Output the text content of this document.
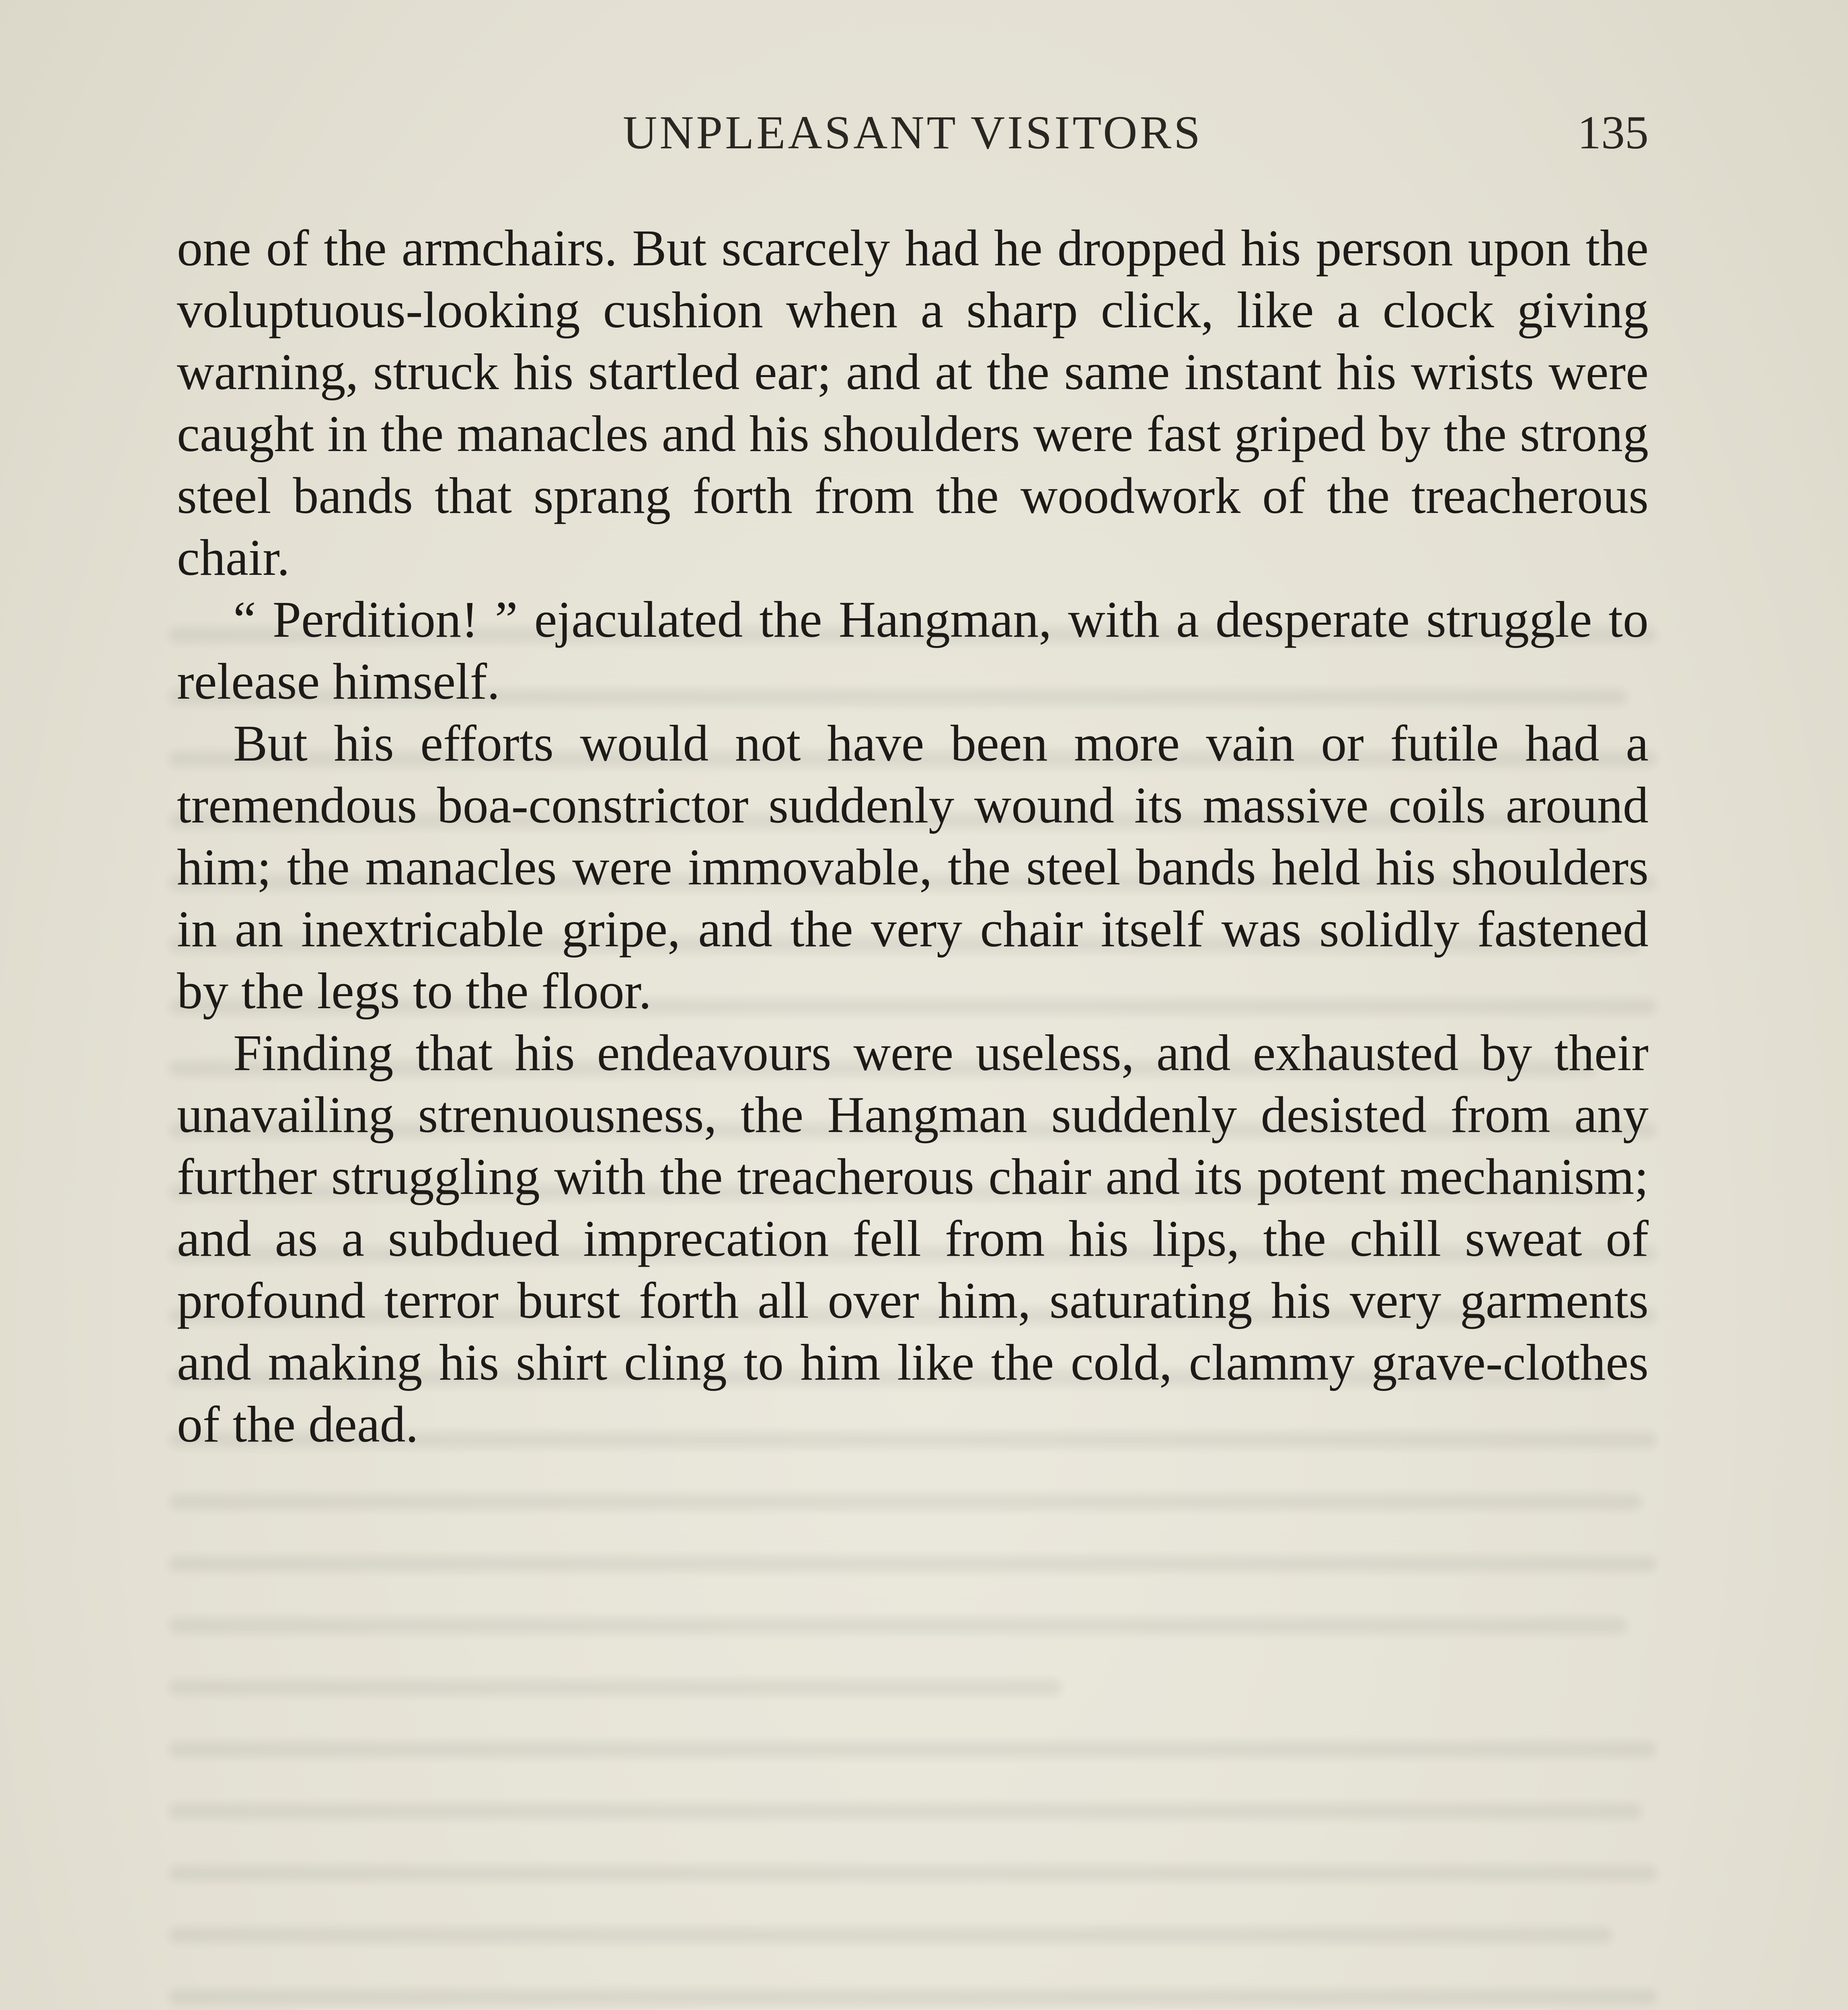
UNPLEASANT VISITORS	135

one of the armchairs. But scarcely had he dropped his person upon the voluptuous-looking cushion when a sharp click, like a clock giving warning, struck his startled ear; and at the same instant his wrists were caught in the manacles and his shoulders were fast griped by the strong steel bands that sprang forth from the woodwork of the treacherous chair.

“ Perdition! ” ejaculated the Hangman, with a desperate struggle to release himself.

But his efforts would not have been more vain or futile had a tremendous boa-constrictor suddenly wound its massive coils around him; the manacles were immovable, the steel bands held his shoulders in an inextricable gripe, and the very chair itself was solidly fastened by the legs to the floor.

Finding that his endeavours were useless, and exhausted by their unavailing strenuousness, the Hangman suddenly desisted from any further struggling with the treacherous chair and its potent mechanism; and as a subdued imprecation fell from his lips, the chill sweat of profound terror burst forth all over him, saturating his very garments and making his shirt cling to him like the cold, clammy grave-clothes of the dead.
